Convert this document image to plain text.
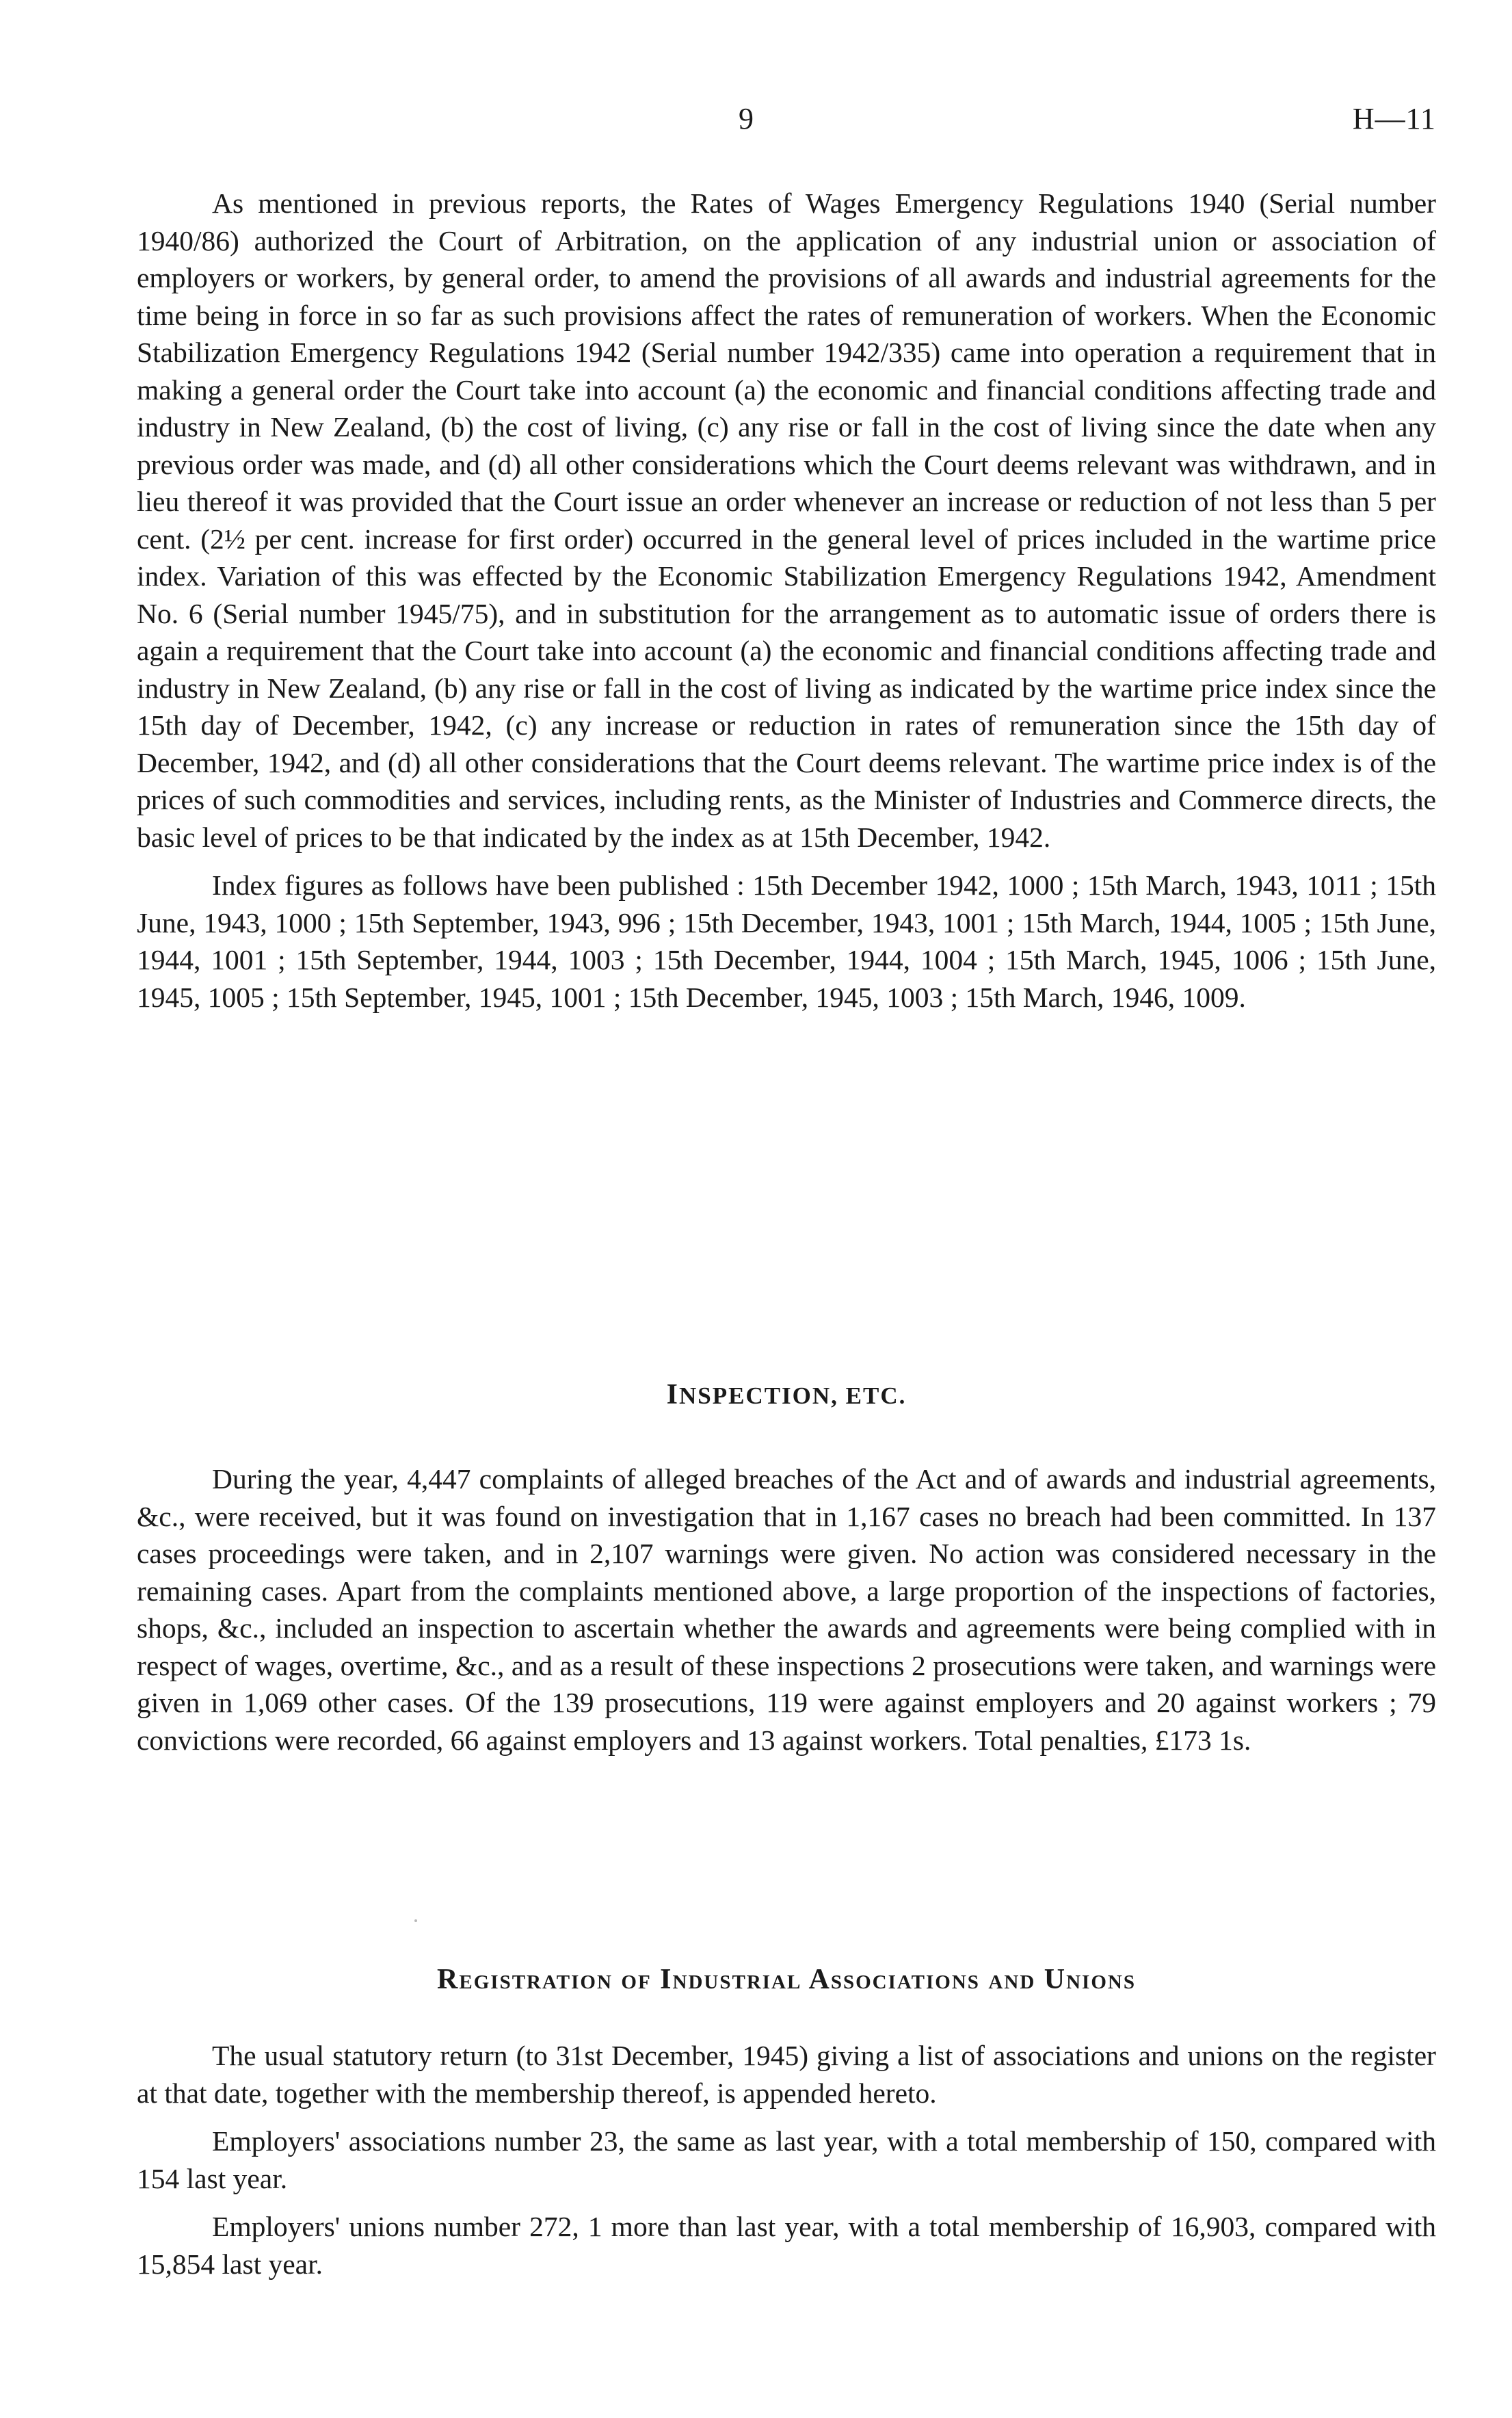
9	H—11

As mentioned in previous reports, the Rates of Wages Emergency Regulations 1940 (Serial number 1940/86) authorized the Court of Arbitration, on the application of any industrial union or association of employers or workers, by general order, to amend the provisions of all awards and industrial agreements for the time being in force in so far as such provisions affect the rates of remuneration of workers. When the Economic Stabilization Emergency Regulations 1942 (Serial number 1942/335) came into operation a requirement that in making a general order the Court take into account (a) the economic and financial conditions affecting trade and industry in New Zealand, (b) the cost of living, (c) any rise or fall in the cost of living since the date when any previous order was made, and (d) all other considerations which the Court deems relevant was withdrawn, and in lieu thereof it was provided that the Court issue an order whenever an increase or reduction of not less than 5 per cent. (2½ per cent. increase for first order) occurred in the general level of prices included in the wartime price index. Variation of this was effected by the Economic Stabilization Emergency Regulations 1942, Amendment No. 6 (Serial number 1945/75), and in substitution for the arrangement as to automatic issue of orders there is again a requirement that the Court take into account (a) the economic and financial conditions affecting trade and industry in New Zealand, (b) any rise or fall in the cost of living as indicated by the wartime price index since the 15th day of December, 1942, (c) any increase or reduction in rates of remuneration since the 15th day of December, 1942, and (d) all other considerations that the Court deems relevant. The wartime price index is of the prices of such commodities and services, including rents, as the Minister of Industries and Commerce directs, the basic level of prices to be that indicated by the index as at 15th December, 1942.

Index figures as follows have been published : 15th December 1942, 1000 ; 15th March, 1943, 1011 ; 15th June, 1943, 1000 ; 15th September, 1943, 996 ; 15th December, 1943, 1001 ; 15th March, 1944, 1005 ; 15th June, 1944, 1001 ; 15th September, 1944, 1003 ; 15th December, 1944, 1004 ; 15th March, 1945, 1006 ; 15th June, 1945, 1005 ; 15th September, 1945, 1001 ; 15th December, 1945, 1003 ; 15th March, 1946, 1009.

INSPECTION, ETC.

During the year, 4,447 complaints of alleged breaches of the Act and of awards and industrial agreements, &c., were received, but it was found on investigation that in 1,167 cases no breach had been committed. In 137 cases proceedings were taken, and in 2,107 warnings were given. No action was considered necessary in the remaining cases. Apart from the complaints mentioned above, a large proportion of the inspections of factories, shops, &c., included an inspection to ascertain whether the awards and agreements were being complied with in respect of wages, overtime, &c., and as a result of these inspections 2 prosecutions were taken, and warnings were given in 1,069 other cases. Of the 139 prosecutions, 119 were against employers and 20 against workers ; 79 convictions were recorded, 66 against employers and 13 against workers. Total penalties, £173 1s.

Registration of Industrial Associations and Unions

The usual statutory return (to 31st December, 1945) giving a list of associations and unions on the register at that date, together with the membership thereof, is appended hereto.

Employers' associations number 23, the same as last year, with a total membership of 150, compared with 154 last year.

Employers' unions number 272, 1 more than last year, with a total membership of 16,903, compared with 15,854 last year.
